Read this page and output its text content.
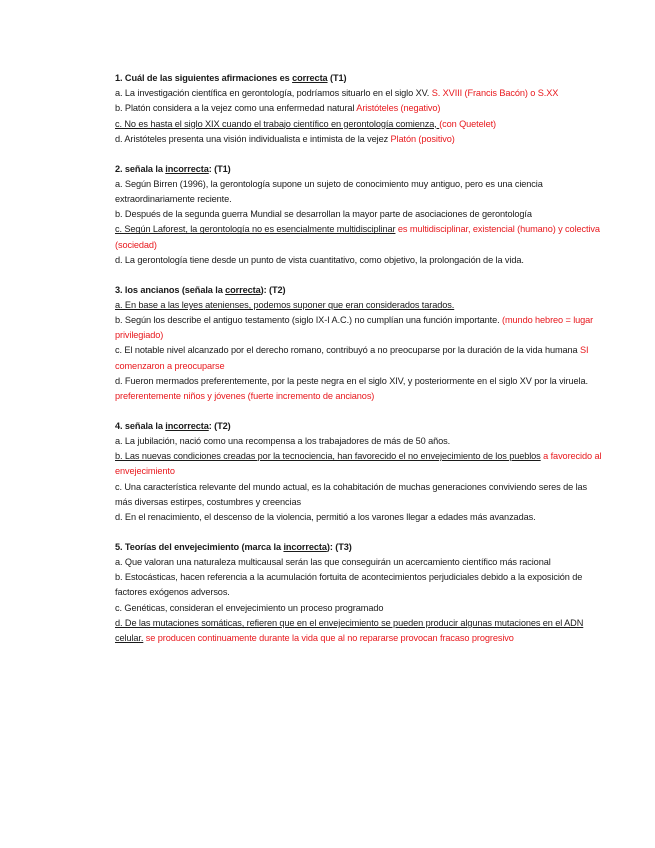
1. Cuál de las siguientes afirmaciones es correcta (T1)

a. La investigación científica en gerontología, podríamos situarlo en el siglo XV. S. XVIII (Francis Bacón) o S.XX

b. Platón considera a la vejez como una enfermedad natural Aristóteles (negativo)

c. No es hasta el siglo XIX cuando el trabajo científico en gerontología comienza, (con Quetelet)

d. Aristóteles presenta una visión individualista e intimista de la vejez Platón (positivo)

2. señala la incorrecta: (T1)

a. Según Birren (1996), la gerontología supone un sujeto de conocimiento muy antiguo, pero es una ciencia extraordinariamente reciente.

b. Después de la segunda guerra Mundial se desarrollan la mayor parte de asociaciones de gerontología

c. Según Laforest, la gerontología no es esencialmente multidisciplinar es multidisciplinar, existencial (humano) y colectiva (sociedad)

d. La gerontología tiene desde un punto de vista cuantitativo, como objetivo, la prolongación de la vida.

3. los ancianos (señala la correcta): (T2)

a. En base a las leyes atenienses, podemos suponer que eran considerados tarados.

b. Según los describe el antiguo testamento (siglo IX-I A.C.) no cumplían una función importante. (mundo hebreo = lugar privilegiado)

c. El notable nivel alcanzado por el derecho romano, contribuyó a no preocuparse por la duración de la vida humana SI comenzaron a preocuparse

d. Fueron mermados preferentemente, por la peste negra en el siglo XIV, y posteriormente en el siglo XV por la viruela. preferentemente niños y jóvenes (fuerte incremento de ancianos)

4. señala la incorrecta: (T2)

a. La jubilación, nació como una recompensa a los trabajadores de más de 50 años.

b. Las nuevas condiciones creadas por la tecnociencia, han favorecido el no envejecimiento de los pueblos a favorecido al envejecimiento

c. Una característica relevante del mundo actual, es la cohabitación de muchas generaciones conviviendo seres de las más diversas estirpes, costumbres y creencias

d. En el renacimiento, el descenso de la violencia, permitió a los varones llegar a edades más avanzadas.

5. Teorías del envejecimiento (marca la incorrecta): (T3)

a. Que valoran una naturaleza multicausal serán las que conseguirán un acercamiento científico más racional

b. Estocásticas, hacen referencia a la acumulación fortuita de acontecimientos perjudiciales debido a la exposición de factores exógenos adversos.

c. Genéticas, consideran el envejecimiento un proceso programado

d. De las mutaciones somáticas, refieren que en el envejecimiento se pueden producir algunas mutaciones en el ADN celular. se producen continuamente durante la vida que al no repararse provocan fracaso progresivo
